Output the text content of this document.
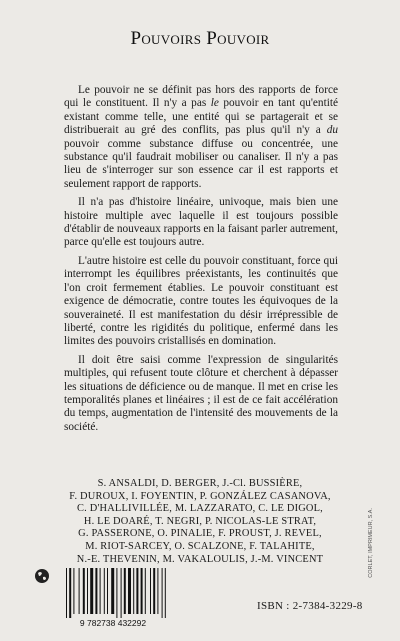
Pouvoirs Pouvoir

Le pouvoir ne se définit pas hors des rapports de force qui le constituent. Il n'y a pas le pouvoir en tant qu'entité existant comme telle, une entité qui se partagerait et se distribuerait au gré des conflits, pas plus qu'il n'y a du pouvoir comme substance diffuse ou concentrée, une substance qu'il faudrait mobiliser ou canaliser. Il n'y a pas lieu de s'interroger sur son essence car il est rapports et seulement rapport de rapports.

Il n'a pas d'histoire linéaire, univoque, mais bien une histoire multiple avec laquelle il est toujours possible d'établir de nouveaux rapports en la faisant parler autrement, parce qu'elle est toujours autre.

L'autre histoire est celle du pouvoir constituant, force qui interrompt les équilibres préexistants, les continuités que l'on croit fermement établies. Le pouvoir constituant est exigence de démocratie, contre toutes les équivoques de la souveraineté. Il est manifestation du désir irrépressible de liberté, contre les rigidités du politique, enfermé dans les limites des pouvoirs cristallisés en domination.

Il doit être saisi comme l'expression de singularités multiples, qui refusent toute clôture et cherchent à dépasser les situations de déficience ou de manque. Il met en crise les temporalités planes et linéaires ; il est de ce fait accélération du temps, augmentation de l'intensité des mouvements de la société.

S. ANSALDI, D. BERGER, J.-Cl. BUSSIÈRE,
F. DUROUX, I. FOYENTIN, P. GONZÁLEZ CASANOVA,
C. D'HALLIVILLÉE, M. LAZZARATO, C. LE DIGOL,
H. LE DOARÉ, T. NEGRI, P. NICOLAS-LE STRAT,
G. PASSERONE, O. PINALIE, F. PROUST, J. REVEL,
M. RIOT-SARCEY, O. SCALZONE, F. TALAHITE,
N.-E. THEVENIN, M. VAKALOULIS, J.-M. VINCENT
9 782738 432292
ISBN : 2-7384-3229-8
CORLET, IMPRIMEUR, S.A.
